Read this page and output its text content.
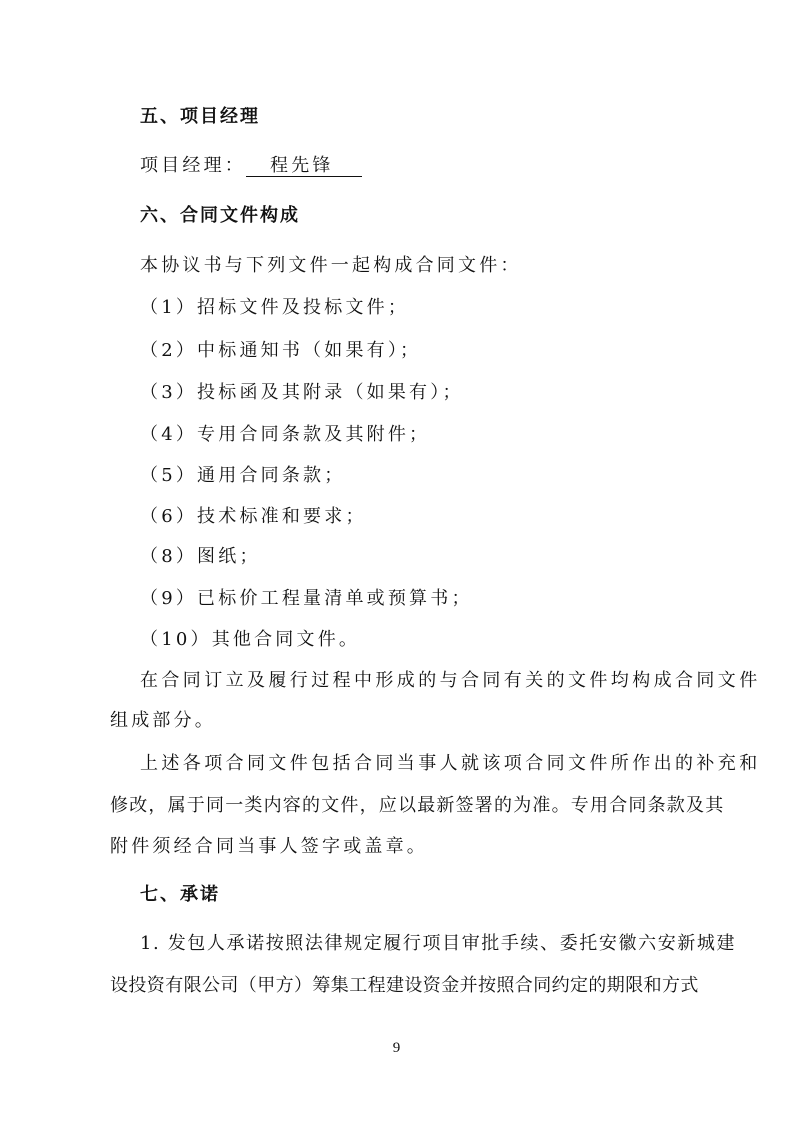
五、项目经理
项目经理： 程先锋
六、合同文件构成
本协议书与下列文件一起构成合同文件：
（1）招标文件及投标文件；
（2）中标通知书（如果有）；
（3）投标函及其附录（如果有）；
（4）专用合同条款及其附件；
（5）通用合同条款；
（6）技术标准和要求；
（8）图纸；
（9）已标价工程量清单或预算书；
（10）其他合同文件。
在合同订立及履行过程中形成的与合同有关的文件均构成合同文件
组成部分。
上述各项合同文件包括合同当事人就该项合同文件所作出的补充和
修改，属于同一类内容的文件，应以最新签署的为准。专用合同条款及其
附件须经合同当事人签字或盖章。
七、承诺
1. 发包人承诺按照法律规定履行项目审批手续、委托安徽六安新城建
设投资有限公司（甲方）筹集工程建设资金并按照合同约定的期限和方式
9
